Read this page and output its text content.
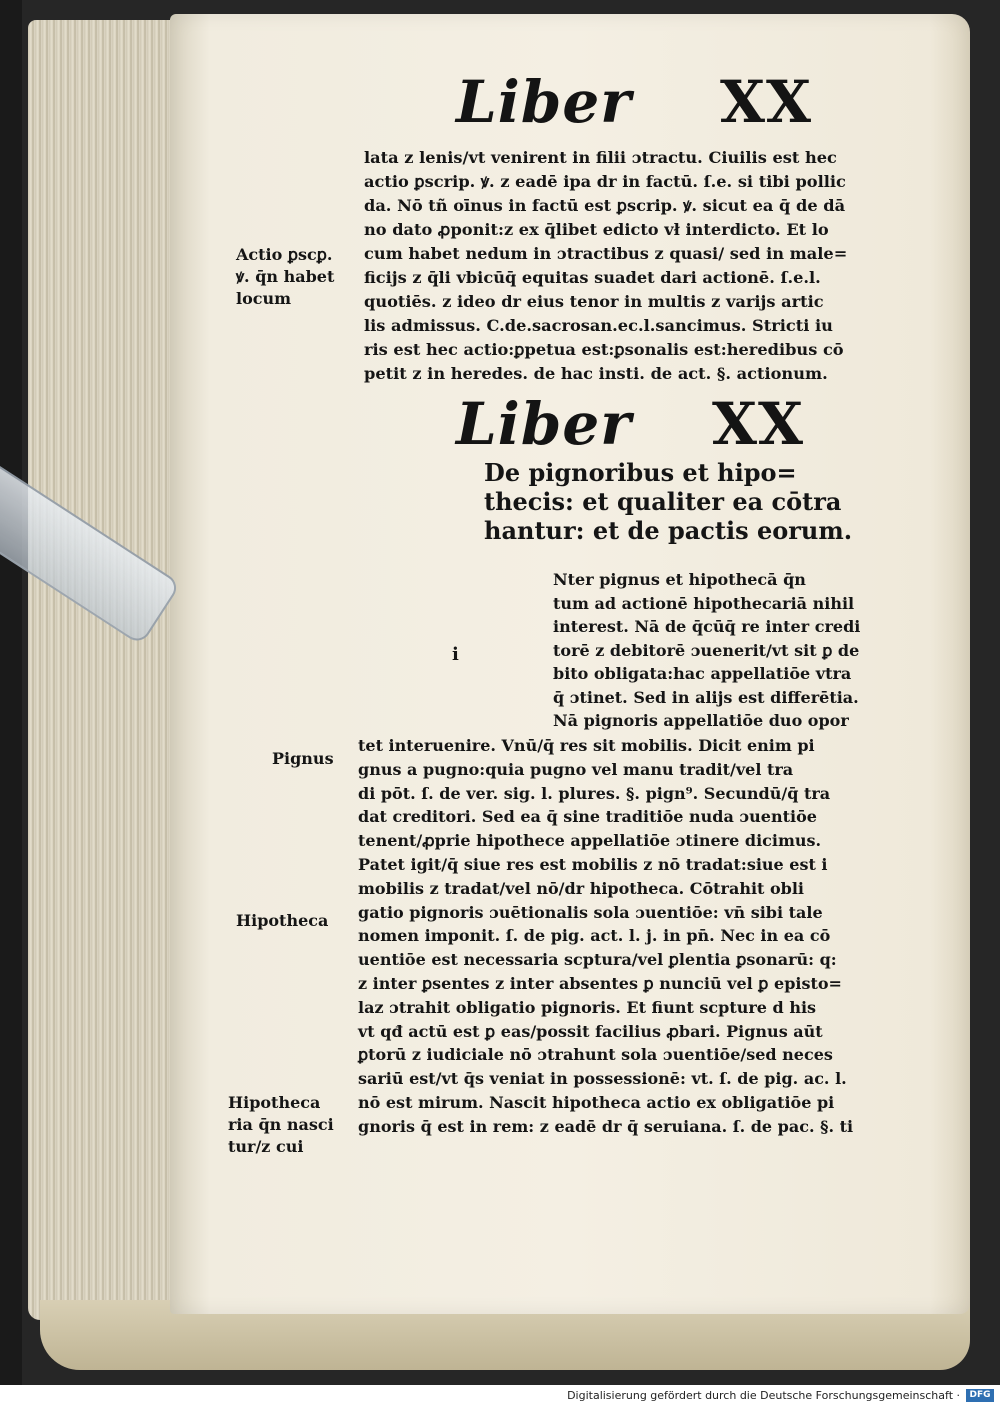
Liber XX
lata z lenis/vt venirent in filii ɔtractu. Ciuilis est hec
actio ꝑscrip. ꝟ. z eadē ipa dr in factū. ſ.e. si tibi pollic
da. Nō tñ oīnus in factū est ꝑscrip. ꝟ. sicut ea q̄ de dā
no dato ꝓponit:z ex q̄libet edicto vł interdicto. Et lo
cum habet nedum in ɔtractibus z quasi/ sed in male=
ficijs z q̄li vbicūq̄ equitas suadet dari actionē. ſ.e.l.
quotiēs. z ideo dr eius tenor in multis z varijs artic
lis admissus. C.de.sacrosan.ec.l.sancimus. Stricti iu
ris est hec actio:ꝑpetua est:ꝑsonalis est:heredibus cō
petit z in heredes. de hac insti. de act. §. actionum.
Actio ꝑscꝑ.
ꝟ. q̄n habet
locum
Liber XX
De pignoribus et hipo=
thecis: et qualiter ea cōtra
hantur: et de pactis eorum.
Nter pignus et hipothecā q̄n
tum ad actionē hipothecariā nihil
interest. Nā de q̄cūq̄ re inter credi
torē z debitorē ɔuenerit/vt sit ꝑ de
bito obligata:hac appellatiōe vtra
q̄ ɔtinet. Sed in alijs est differētia.
Nā pignoris appellatiōe duo opor
i
Pignus
tet interuenire. Vnū/q̄ res sit mobilis. Dicit enim pi
gnus a pugno:quia pugno vel manu tradit/vel tra
di pōt. ſ. de ver. sig. l. plures. §. pign⁹. Secundū/q̄ tra
dat creditori. Sed ea q̄ sine traditiōe nuda ɔuentiōe
tenent/ꝓprie hipothece appellatiōe ɔtinere dicimus.
Patet igit/q̄ siue res est mobilis z nō tradat:siue est i
mobilis z tradat/vel nō/dr hipotheca. Cōtrahit obli
gatio pignoris ɔuētionalis sola ɔuentiōe: vn̄ sibi tale
nomen imponit. ſ. de pig. act. l. j. in pn̄. Nec in ea cō
uentiōe est necessaria scptura/vel ꝑlentia ꝑsonarū: q:
z inter ꝑsentes z inter absentes ꝑ nunciū vel ꝑ episto=
laz ɔtrahit obligatio pignoris. Et fiunt scpture d his
vt qđ actū est ꝑ eas/possit facilius ꝓbari. Pignus aūt
ꝑtorū z iudiciale nō ɔtrahunt sola ɔuentiōe/sed neces
sariū est/vt q̄s veniat in possessionē: vt. ſ. de pig. ac. l.
nō est mirum. Nascit hipotheca actio ex obligatiōe pi
gnoris q̄ est in rem: z eadē dr q̄ seruiana. ſ. de pac. §. ti
Hipotheca
Hipotheca
ria q̄n nasci
tur/z cui
Digitalisierung gefördert durch die Deutsche Forschungsgemeinschaft ·	DFG
